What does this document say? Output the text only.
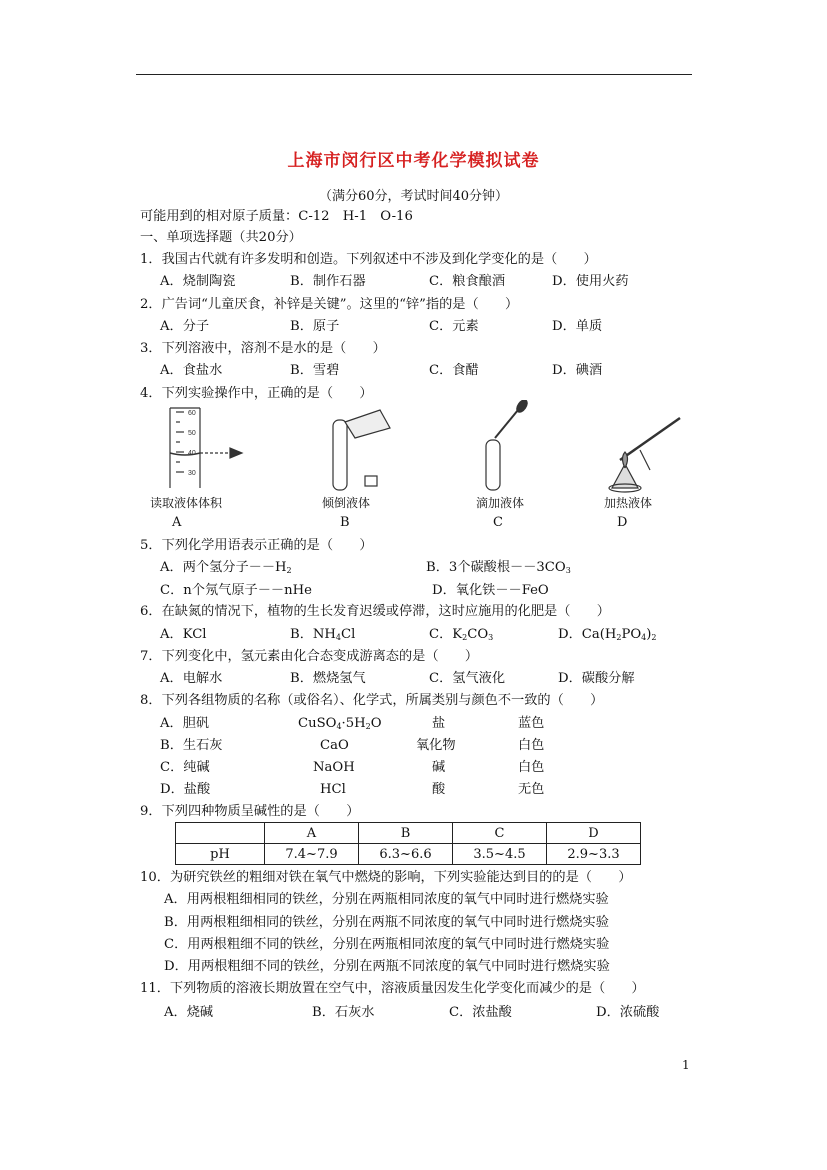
上海市闵行区中考化学模拟试卷
（满分60分，考试时间40分钟）
可能用到的相对原子质量：C-12　H-1　O-16
一、单项选择题（共20分）
1．我国古代就有许多发明和创造。下列叙述中不涉及到化学变化的是（　　）
A．烧制陶瓷	B．制作石器	C．粮食酿酒	D．使用火药
2．广告词“儿童厌食，补锌是关键”。这里的“锌”指的是（　　）
A．分子	B．原子	C．元素	D．单质
3．下列溶液中，溶剂不是水的是（　　）
A．食盐水	B．雪碧	C．食醋	D．碘酒
4．下列实验操作中，正确的是（　　）
60
50
40
30
读取液体体积	倾倒液体	滴加液体	加热液体
A	B	C	D
5．下列化学用语表示正确的是（　　）
A．两个氢分子$--H_2$	B．3个碳酸根$--3CO_3$
C．n个氖气原子－－nHe	D．氧化铁－－FeO
6．在缺氮的情况下，植物的生长发育迟缓或停滞，这时应施用的化肥是（　　）
A．KCl	B．$NH_4Cl$	C．$K_2CO_3$	D．$Ca(H_2PO_4)_2$
7．下列变化中，氢元素由化合态变成游离态的是（　　）
A．电解水	B．燃烧氢气	C．氢气液化	D．碳酸分解
8．下列各组物质的名称（或俗名）、化学式，所属类别与颜色不一致的（　　）
A．胆矾	$CuSO_4\cdot 5H_2O$	盐	蓝色
B．生石灰	CaO	氧化物	白色
C．纯碱	NaOH	碱	白色
D．盐酸	HCl	酸	无色
9．下列四种物质呈碱性的是（　　）
	A	B	C	D
pH	7.4~7.9	6.3~6.6	3.5~4.5	2.9~3.3
10．为研究铁丝的粗细对铁在氧气中燃烧的影响，下列实验能达到目的的是（　　）
A．用两根粗细相同的铁丝，分别在两瓶相同浓度的氧气中同时进行燃烧实验
B．用两根粗细相同的铁丝，分别在两瓶不同浓度的氧气中同时进行燃烧实验
C．用两根粗细不同的铁丝，分别在两瓶相同浓度的氧气中同时进行燃烧实验
D．用两根粗细不同的铁丝，分别在两瓶不同浓度的氧气中同时进行燃烧实验
11．下列物质的溶液长期放置在空气中，溶液质量因发生化学变化而减少的是（　　）
A．烧碱	B．石灰水	C．浓盐酸	D．浓硫酸
1
